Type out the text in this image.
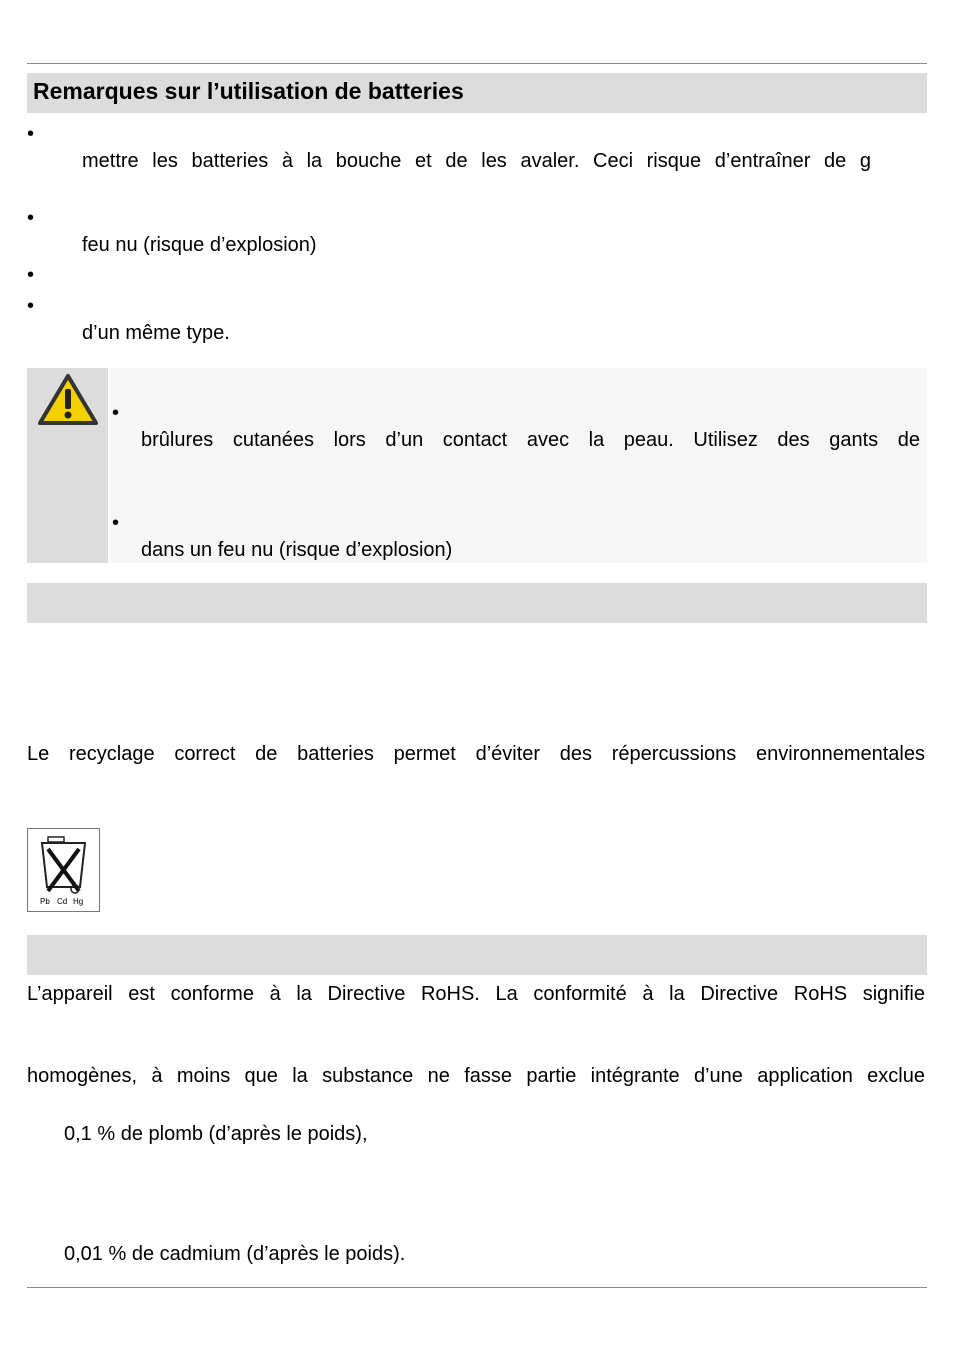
Remarques sur l’utilisation de batteries
•
mettre les batteries à la bouche et de les avaler. Ceci risque d’entraîner de g
•
feu nu (risque d’explosion)
•
•
d’un même type.
•
brûlures cutanées lors d’un contact avec la peau. Utilisez des gants de
•
dans un feu nu (risque d’explosion)
Le recyclage correct de batteries permet d’éviter des répercussions environnementales
Pb Cd Hg
L’appareil est conforme à la Directive RoHS. La conformité à la Directive RoHS signifie
homogènes, à moins que la substance ne fasse partie intégrante d’une application exclue
0,1 % de plomb (d’après le poids),
0,01 % de cadmium (d’après le poids).
